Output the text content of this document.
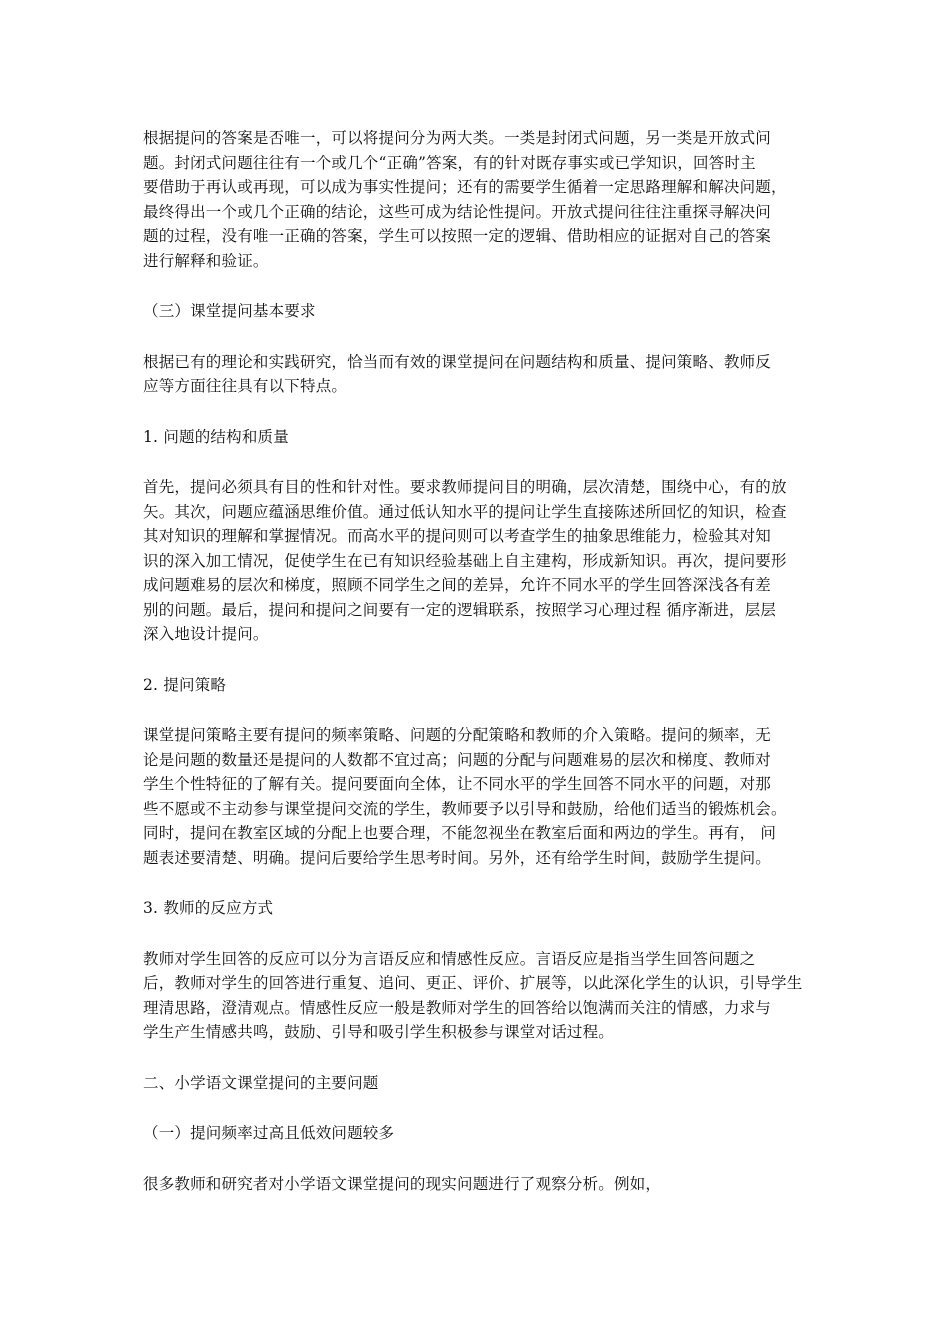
根据提问的答案是否唯一，可以将提问分为两大类。一类是封闭式问题，另一类是开放式问
题。封闭式问题往往有一个或几个“正确”答案，有的针对既存事实或已学知识，回答时主
要借助于再认或再现，可以成为事实性提问；还有的需要学生循着一定思路理解和解决问题，
最终得出一个或几个正确的结论，这些可成为结论性提问。开放式提问往往注重探寻解决问
题的过程，没有唯一正确的答案，学生可以按照一定的逻辑、借助相应的证据对自己的答案
进行解释和验证。
（三）课堂提问基本要求
根据已有的理论和实践研究，恰当而有效的课堂提问在问题结构和质量、提问策略、教师反
应等方面往往具有以下特点。
1. 问题的结构和质量
首先，提问必须具有目的性和针对性。要求教师提问目的明确，层次清楚，围绕中心，有的放
矢。其次，问题应蕴涵思维价值。通过低认知水平的提问让学生直接陈述所回忆的知识，检查
其对知识的理解和掌握情况。而高水平的提问则可以考查学生的抽象思维能力，检验其对知
识的深入加工情况，促使学生在已有知识经验基础上自主建构，形成新知识。再次，提问要形
成问题难易的层次和梯度，照顾不同学生之间的差异，允许不同水平的学生回答深浅各有差
别的问题。最后，提问和提问之间要有一定的逻辑联系，按照学习心理过程 循序渐进，层层
深入地设计提问。
2. 提问策略
课堂提问策略主要有提问的频率策略、问题的分配策略和教师的介入策略。提问的频率，无
论是问题的数量还是提问的人数都不宜过高；问题的分配与问题难易的层次和梯度、教师对
学生个性特征的了解有关。提问要面向全体，让不同水平的学生回答不同水平的问题，对那
些不愿或不主动参与课堂提问交流的学生，教师要予以引导和鼓励，给他们适当的锻炼机会。
同时，提问在教室区域的分配上也要合理，不能忽视坐在教室后面和两边的学生。再有， 问
题表述要清楚、明确。提问后要给学生思考时间。另外，还有给学生时间，鼓励学生提问。
3. 教师的反应方式
教师对学生回答的反应可以分为言语反应和情感性反应。言语反应是指当学生回答问题之
后，教师对学生的回答进行重复、追问、更正、评价、扩展等，以此深化学生的认识，引导学生
理清思路，澄清观点。情感性反应一般是教师对学生的回答给以饱满而关注的情感，力求与
学生产生情感共鸣，鼓励、引导和吸引学生积极参与课堂对话过程。
二、小学语文课堂提问的主要问题
（一）提问频率过高且低效问题较多
很多教师和研究者对小学语文课堂提问的现实问题进行了观察分析。例如，
